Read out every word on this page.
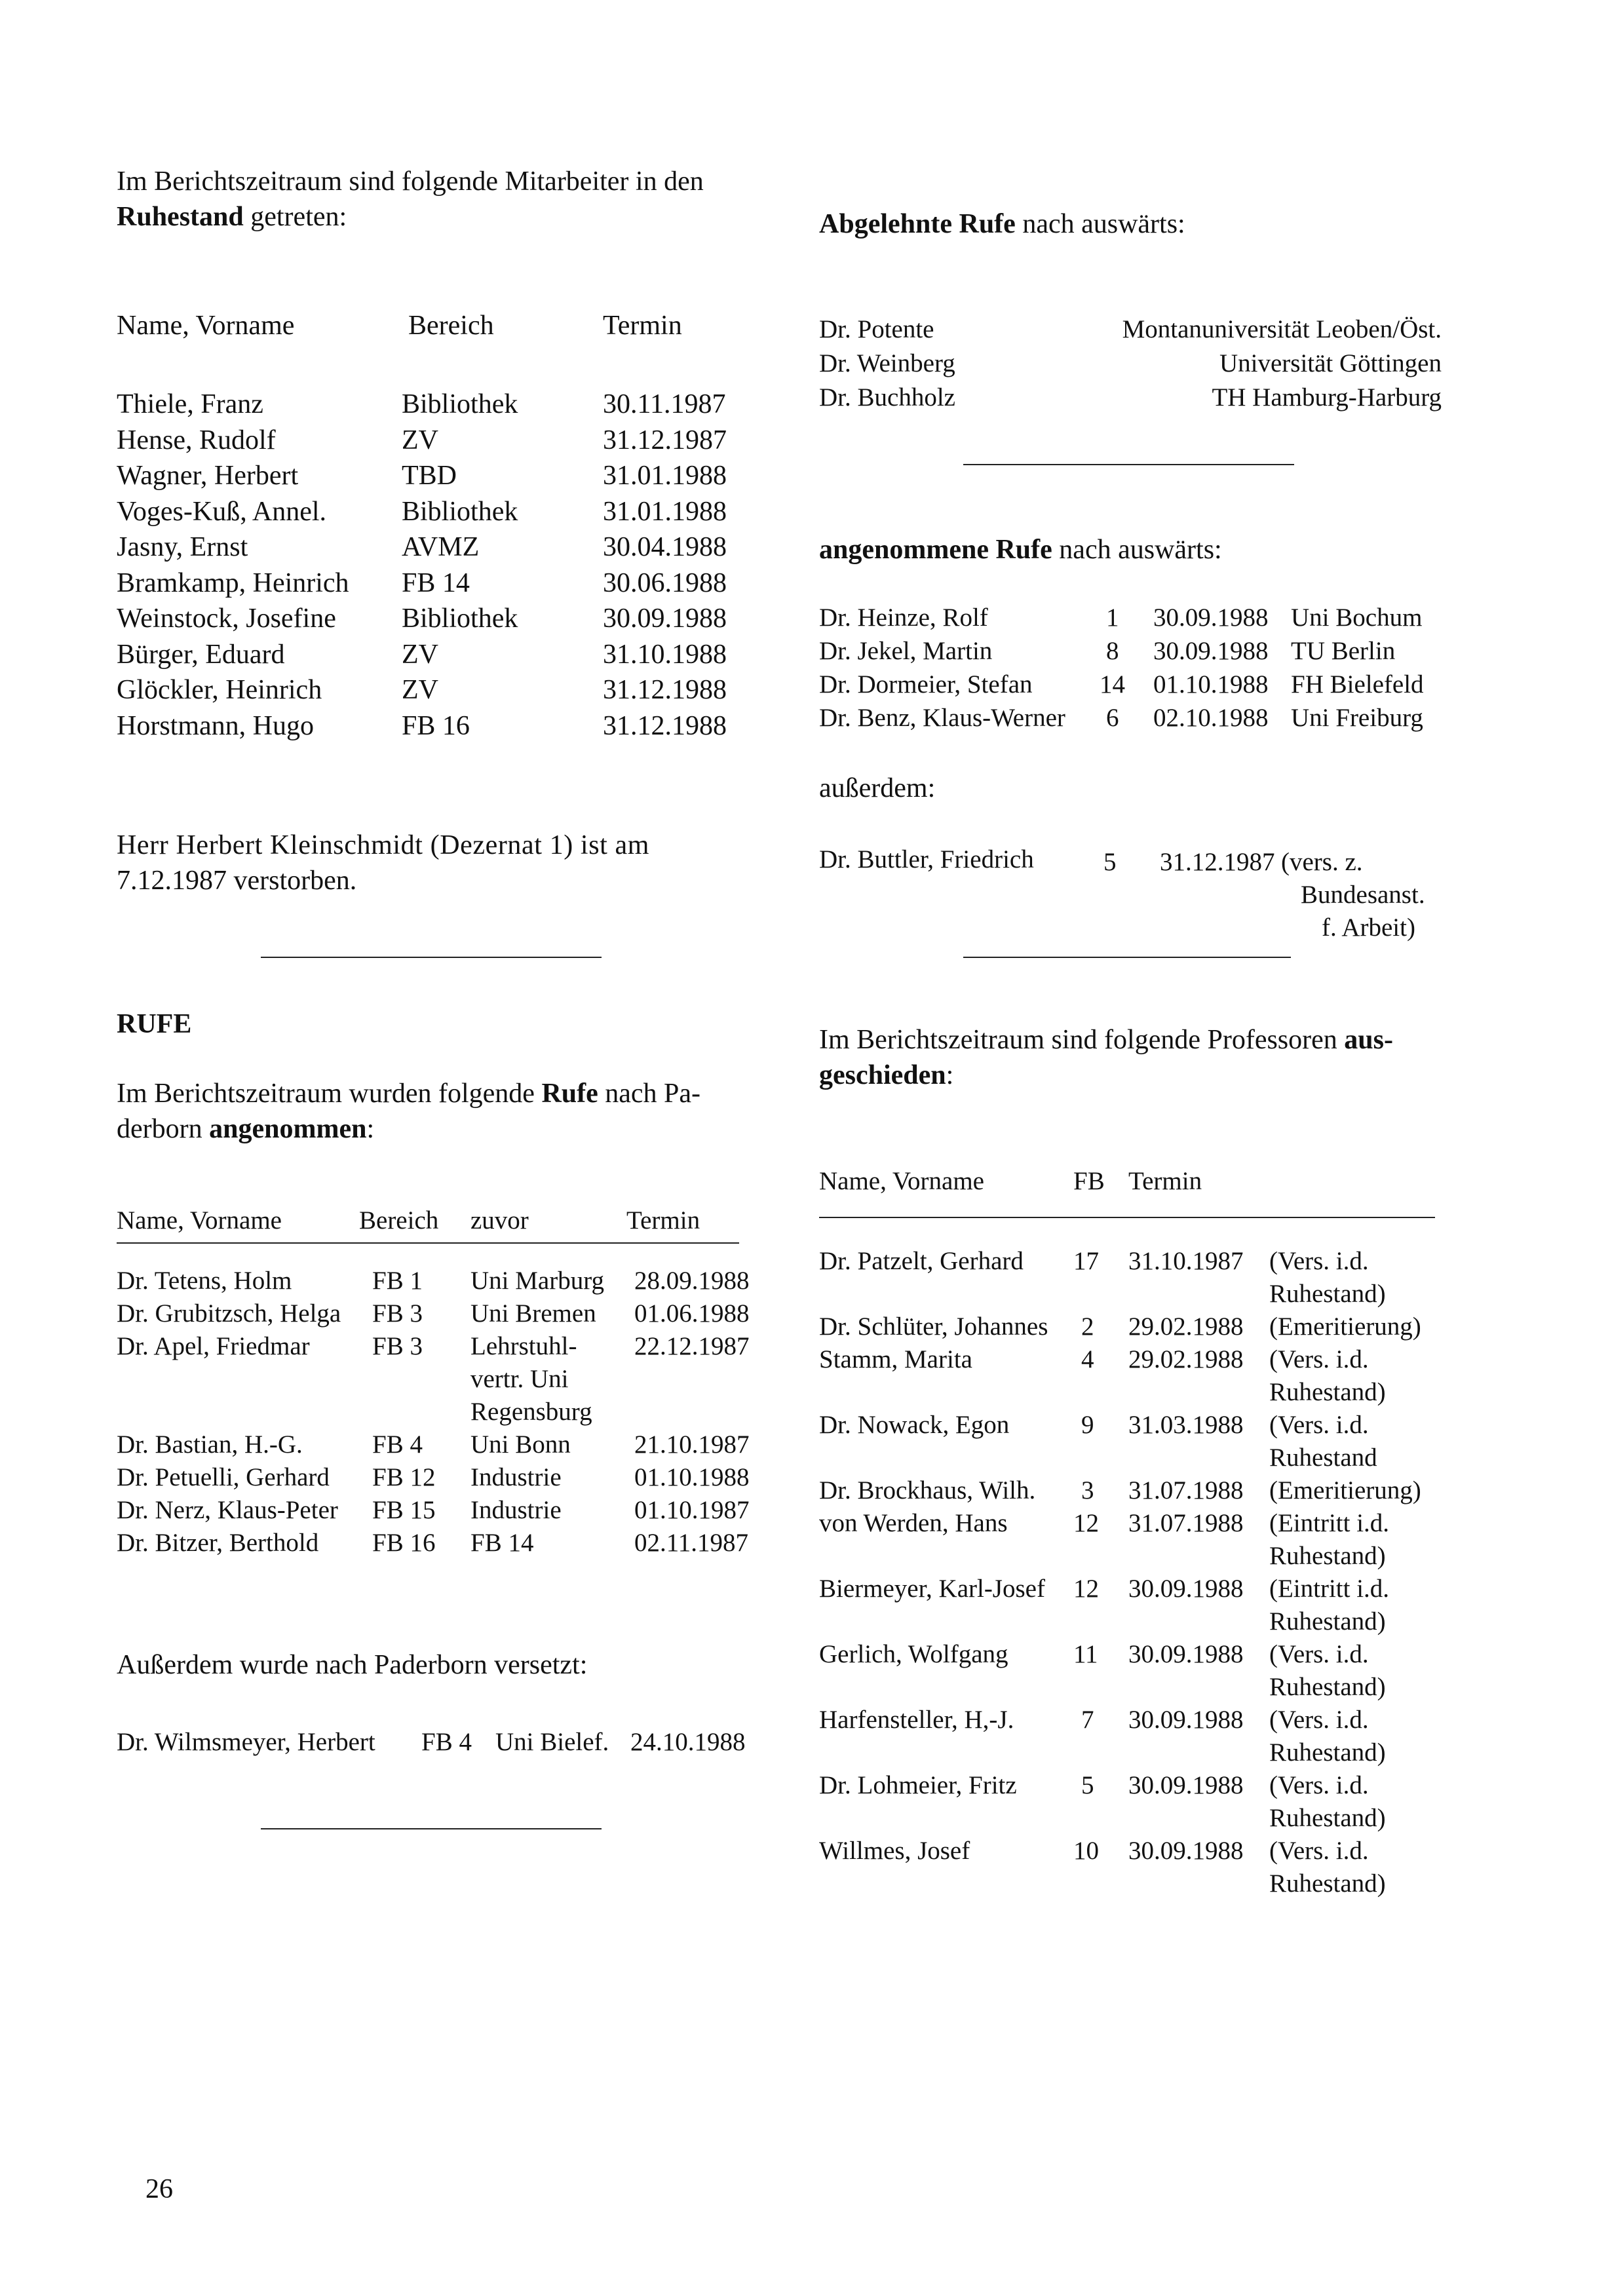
Im Berichtszeitraum sind folgende Mitarbeiter in den
Ruhestand getreten:
Name, Vorname	Bereich	Termin
Thiele, Franz	Bibliothek	30.11.1987
Hense, Rudolf	ZV	31.12.1987
Wagner, Herbert	TBD	31.01.1988
Voges-Kuß, Annel.	Bibliothek	31.01.1988
Jasny, Ernst	AVMZ	30.04.1988
Bramkamp, Heinrich FB 14	30.06.1988
Weinstock, Josefine Bibliothek	30.09.1988
Bürger, Eduard	ZV	31.10.1988
Glöckler, Heinrich	ZV	31.12.1988
Horstmann, Hugo	FB 16	31.12.1988
Herr Herbert Kleinschmidt (Dezernat 1) ist am
7.12.1987 verstorben.
RUFE
Im Berichtszeitraum wurden folgende Rufe nach Pa-
derborn angenommen:
Name, Vorname	Bereich zuvor	Termin
Dr. Tetens, Holm	FB 1 Uni Marburg 28.09.1988
Dr. Grubitzsch, Helga FB 3 Uni Bremen 01.06.1988
Dr. Apel, Friedmar FB 3 Lehrstuhl- 22.12.1987
vertr. Uni
Regensburg
Dr. Bastian, H.-G.	FB 4 Uni Bonn 21.10.1987
Dr. Petuelli, Gerhard FB 12 Industrie	01.10.1988
Dr. Nerz, Klaus-Peter FB 15 Industrie	01.10.1987
Dr. Bitzer, Berthold FB 16 FB 14	02.11.1987
Außerdem wurde nach Paderborn versetzt:
Dr. Wilmsmeyer, Herbert FB 4 Uni Bielef. 24.10.1988
26
Abgelehnte Rufe nach auswärts:
Dr. Potente	Montanuniversität Leoben/Öst.
Dr. Weinberg	Universität Göttingen
Dr. Buchholz	TH Hamburg-Harburg
angenommene Rufe nach auswärts:
Dr. Heinze, Rolf	1 30.09.1988 Uni Bochum
Dr. Jekel, Martin	8 30.09.1988 TU Berlin
Dr. Dormeier, Stefan	14 01.10.1988 FH Bielefeld
Dr. Benz, Klaus-Werner 6 02.10.1988 Uni Freiburg
außerdem:
Dr. Buttler, Friedrich	5 31.12.1987 (vers. z.
Bundesanst.
f. Arbeit)
Im Berichtszeitraum sind folgende Professoren aus-
geschieden:
Name, Vorname	FB Termin
Dr. Patzelt, Gerhard 17 31.10.1987 (Vers. i.d.
Ruhestand)
Dr. Schlüter, Johannes 2 29.02.1988 (Emeritierung)
Stamm, Marita	4 29.02.1988 (Vers. i.d.
Ruhestand)
Dr. Nowack, Egon	9 31.03.1988 (Vers. i.d.
Ruhestand
Dr. Brockhaus, Wilh. 3 31.07.1988 (Emeritierung)
von Werden, Hans	12 31.07.1988 (Eintritt i.d.
Ruhestand)
Biermeyer, Karl-Josef 12 30.09.1988 (Eintritt i.d.
Ruhestand)
Gerlich, Wolfgang	11 30.09.1988 (Vers. i.d.
Ruhestand)
Harfensteller, H,-J.	7 30.09.1988 (Vers. i.d.
Ruhestand)
Dr. Lohmeier, Fritz	5 30.09.1988 (Vers. i.d.
Ruhestand)
Willmes, Josef	10 30.09.1988 (Vers. i.d.
Ruhestand)
